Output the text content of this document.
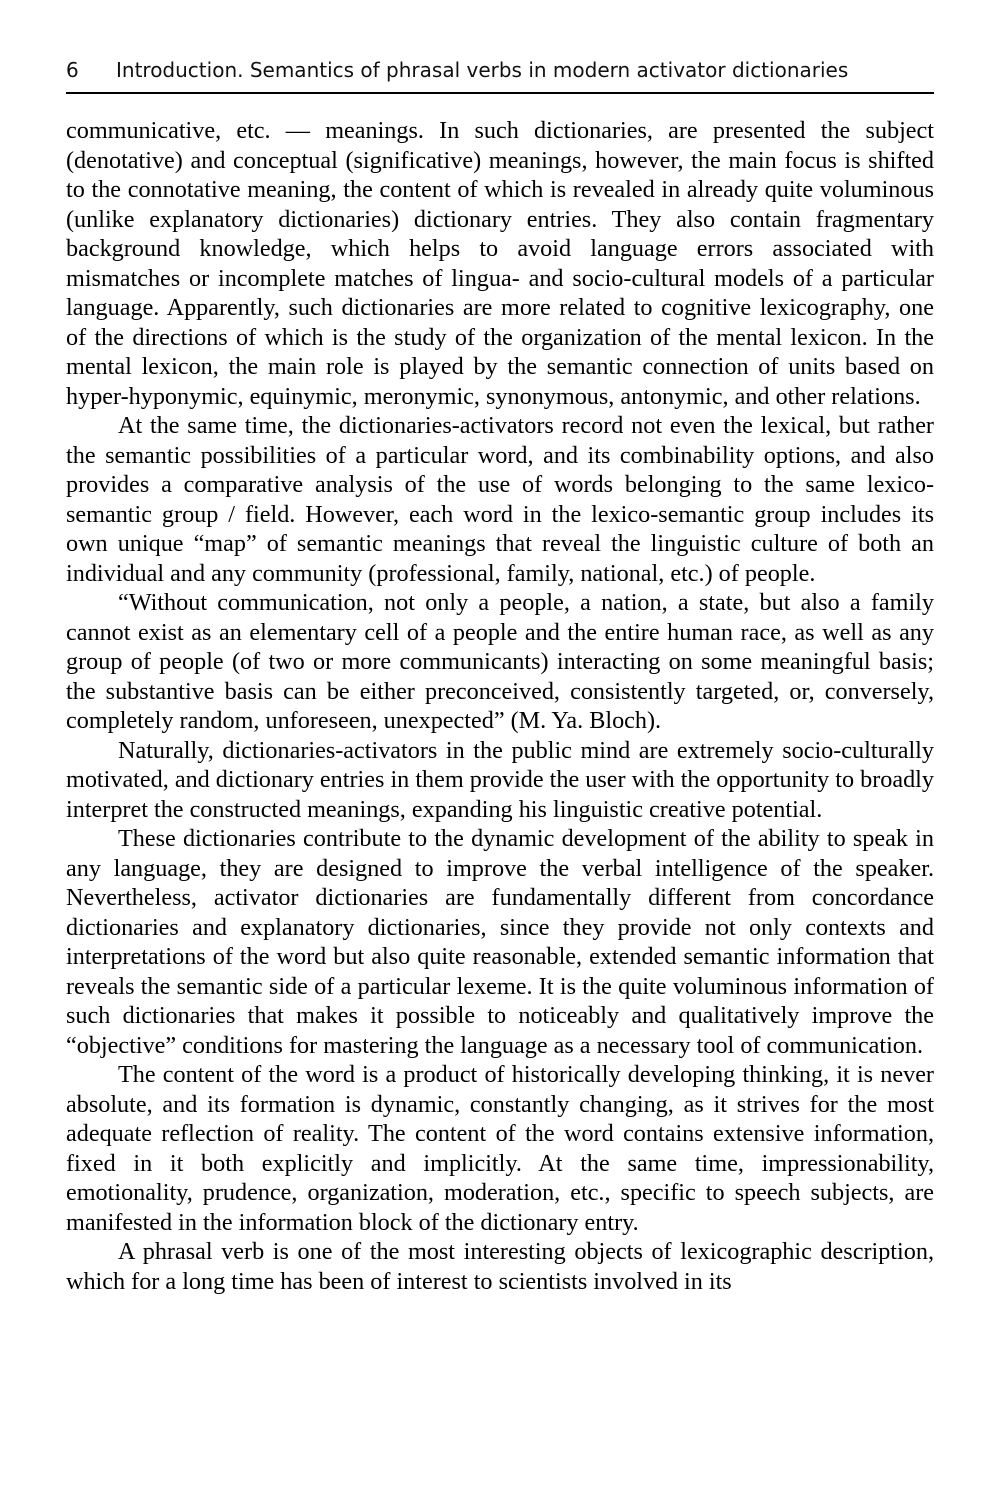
6 Introduction. Semantics of phrasal verbs in modern activator dictionaries

communicative, etc. — meanings. In such dictionaries, are presented the subject (denotative) and conceptual (significative) meanings, however, the main focus is shifted to the connotative meaning, the content of which is revealed in already quite voluminous (unlike explanatory dictionaries) dictionary entries. They also contain fragmentary background knowledge, which helps to avoid language errors associated with mismatches or incomplete matches of lingua- and socio-cultural models of a particular language. Apparently, such dictionaries are more related to cognitive lexicography, one of the directions of which is the study of the organization of the mental lexicon. In the mental lexicon, the main role is played by the semantic connection of units based on hyper-hyponymic, equinymic, meronymic, synonymous, antonymic, and other relations.

At the same time, the dictionaries-activators record not even the lexical, but rather the semantic possibilities of a particular word, and its combinability options, and also provides a comparative analysis of the use of words belonging to the same lexico-semantic group / field. However, each word in the lexico-semantic group includes its own unique “map” of semantic meanings that reveal the linguistic culture of both an individual and any community (professional, family, national, etc.) of people.

“Without communication, not only a people, a nation, a state, but also a family cannot exist as an elementary cell of a people and the entire human race, as well as any group of people (of two or more communicants) interacting on some meaningful basis; the substantive basis can be either preconceived, consistently targeted, or, conversely, completely random, unforeseen, unexpected” (M. Ya. Bloch).

Naturally, dictionaries-activators in the public mind are extremely socio-culturally motivated, and dictionary entries in them provide the user with the opportunity to broadly interpret the constructed meanings, expanding his linguistic creative potential.

These dictionaries contribute to the dynamic development of the ability to speak in any language, they are designed to improve the verbal intelligence of the speaker. Nevertheless, activator dictionaries are fundamentally different from concordance dictionaries and explanatory dictionaries, since they provide not only contexts and interpretations of the word but also quite reasonable, extended semantic information that reveals the semantic side of a particular lexeme. It is the quite voluminous information of such dictionaries that makes it possible to noticeably and qualitatively improve the “objective” conditions for mastering the language as a necessary tool of communication.

The content of the word is a product of historically developing thinking, it is never absolute, and its formation is dynamic, constantly changing, as it strives for the most adequate reflection of reality. The content of the word contains extensive information, fixed in it both explicitly and implicitly. At the same time, impressionability, emotionality, prudence, organization, moderation, etc., specific to speech subjects, are manifested in the information block of the dictionary entry.

A phrasal verb is one of the most interesting objects of lexicographic description, which for a long time has been of interest to scientists involved in its
